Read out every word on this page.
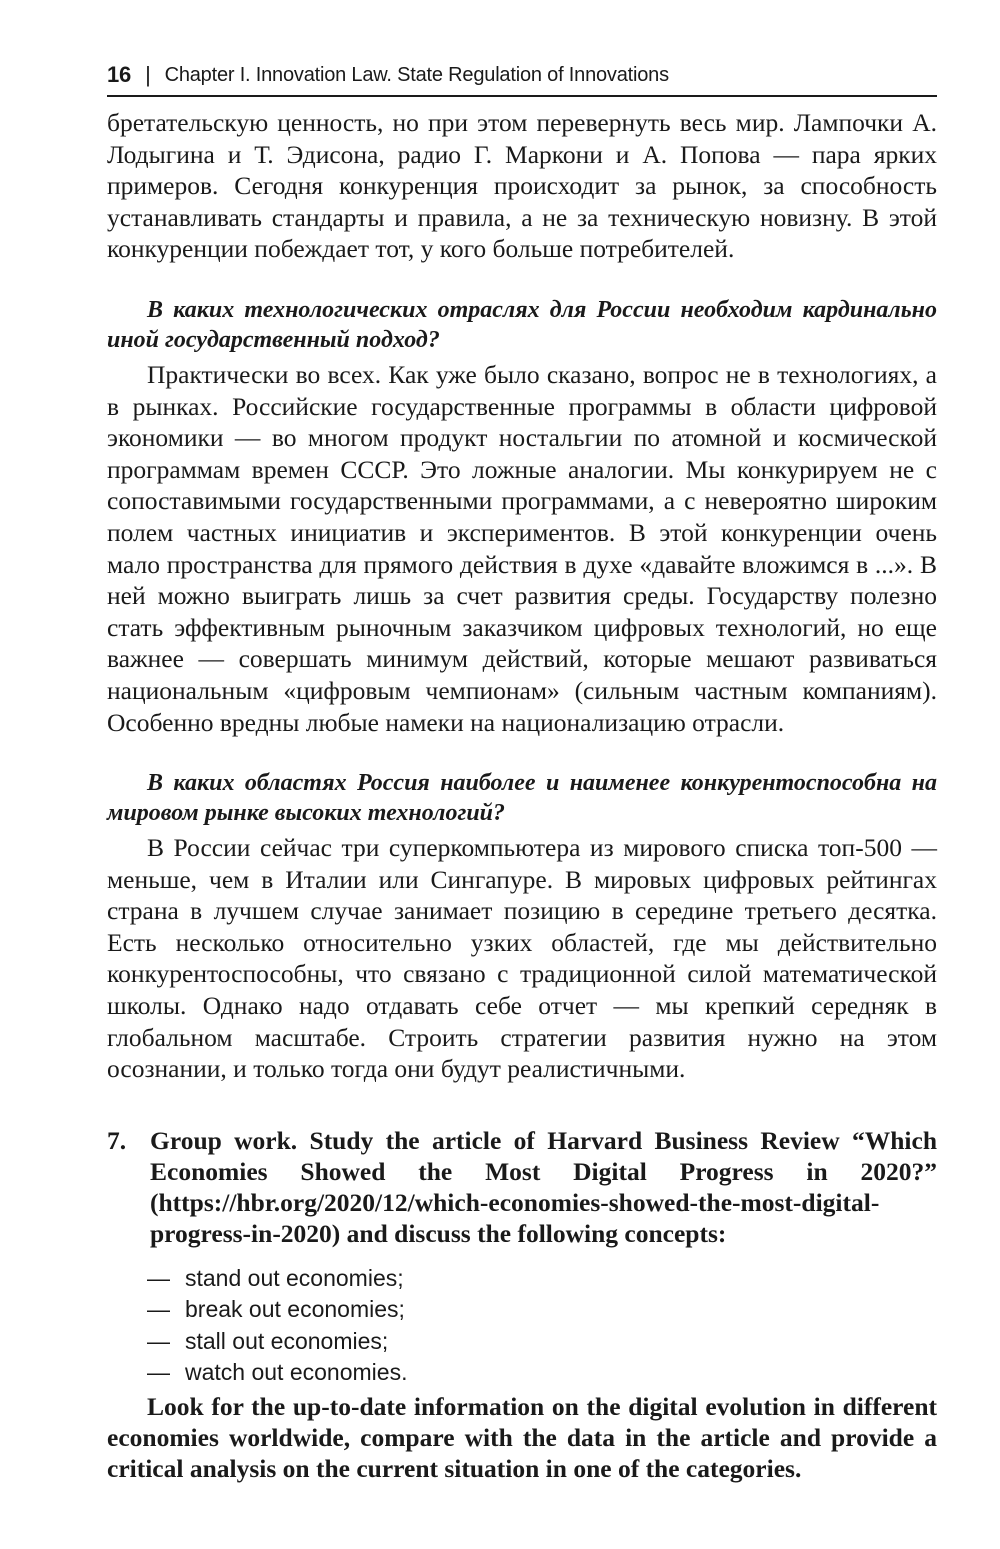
16 | Chapter I. Innovation Law. State Regulation of Innovations

бретательскую ценность, но при этом перевернуть весь мир. Лампочки А. Лодыгина и Т. Эдисона, радио Г. Маркони и А. Попова — пара ярких примеров. Сегодня конкуренция происходит за рынок, за способность устанавливать стандарты и правила, а не за техническую новизну. В этой конкуренции побеждает тот, у кого больше потребителей.

В каких технологических отраслях для России необходим кардинально иной государственный подход?

Практически во всех. Как уже было сказано, вопрос не в технологиях, а в рынках. Российские государственные программы в области цифровой экономики — во многом продукт ностальгии по атомной и космической программам времен СССР. Это ложные аналогии. Мы конкурируем не с сопоставимыми государственными программами, а с невероятно широким полем частных инициатив и экспериментов. В этой конкуренции очень мало пространства для прямого действия в духе «давайте вложимся в ...». В ней можно выиграть лишь за счет развития среды. Государству полезно стать эффективным рыночным заказчиком цифровых технологий, но еще важнее — совершать минимум действий, которые мешают развиваться национальным «цифровым чемпионам» (сильным частным компаниям). Особенно вредны любые намеки на национализацию отрасли.

В каких областях Россия наиболее и наименее конкурентоспособна на мировом рынке высоких технологий?

В России сейчас три суперкомпьютера из мирового списка топ-500 — меньше, чем в Италии или Сингапуре. В мировых цифровых рейтингах страна в лучшем случае занимает позицию в середине третьего десятка. Есть несколько относительно узких областей, где мы действительно конкурентоспособны, что связано с традиционной силой математической школы. Однако надо отдавать себе отчет — мы крепкий середняк в глобальном масштабе. Строить стратегии развития нужно на этом осознании, и только тогда они будут реалистичными.

7. Group work. Study the article of Harvard Business Review “Which Economies Showed the Most Digital Progress in 2020?” (https://hbr.org/2020/12/which-economies-showed-the-most-digital-progress-in-2020) and discuss the following concepts:
— stand out economies;
— break out economies;
— stall out economies;
— watch out economies.

Look for the up-to-date information on the digital evolution in different economies worldwide, compare with the data in the article and provide a critical analysis on the current situation in one of the categories.
